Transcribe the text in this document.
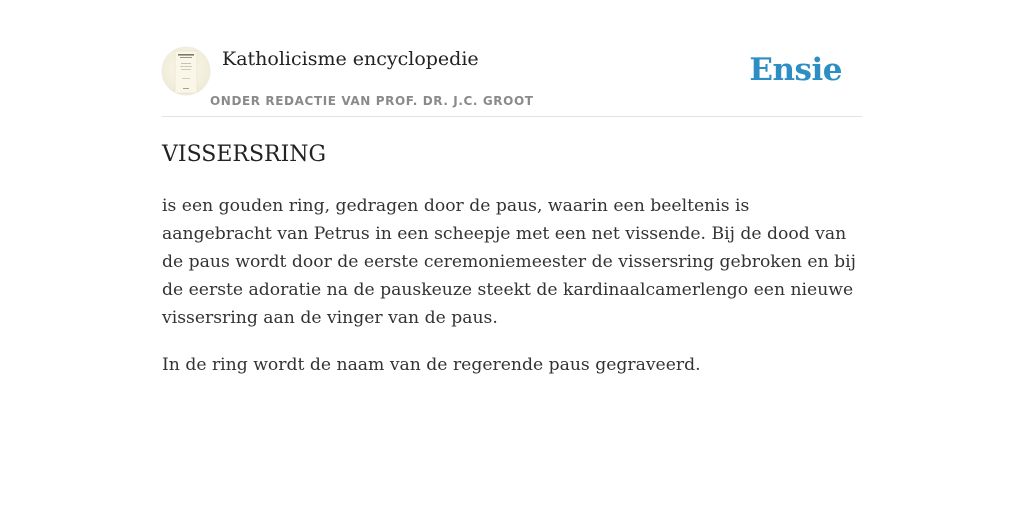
Katholicisme encyclopedie
ONDER REDACTIE VAN PROF. DR. J.C. GROOT
Ensie
VISSERSRING

is een gouden ring, gedragen door de paus, waarin een beeltenis is aangebracht van Petrus in een scheepje met een net vissende. Bij de dood van de paus wordt door de eerste ceremoniemeester de vissersring gebroken en bij de eerste adoratie na de pauskeuze steekt de kardinaalcamerlengo een nieuwe vissersring aan de vinger van de paus.

In de ring wordt de naam van de regerende paus gegraveerd.
